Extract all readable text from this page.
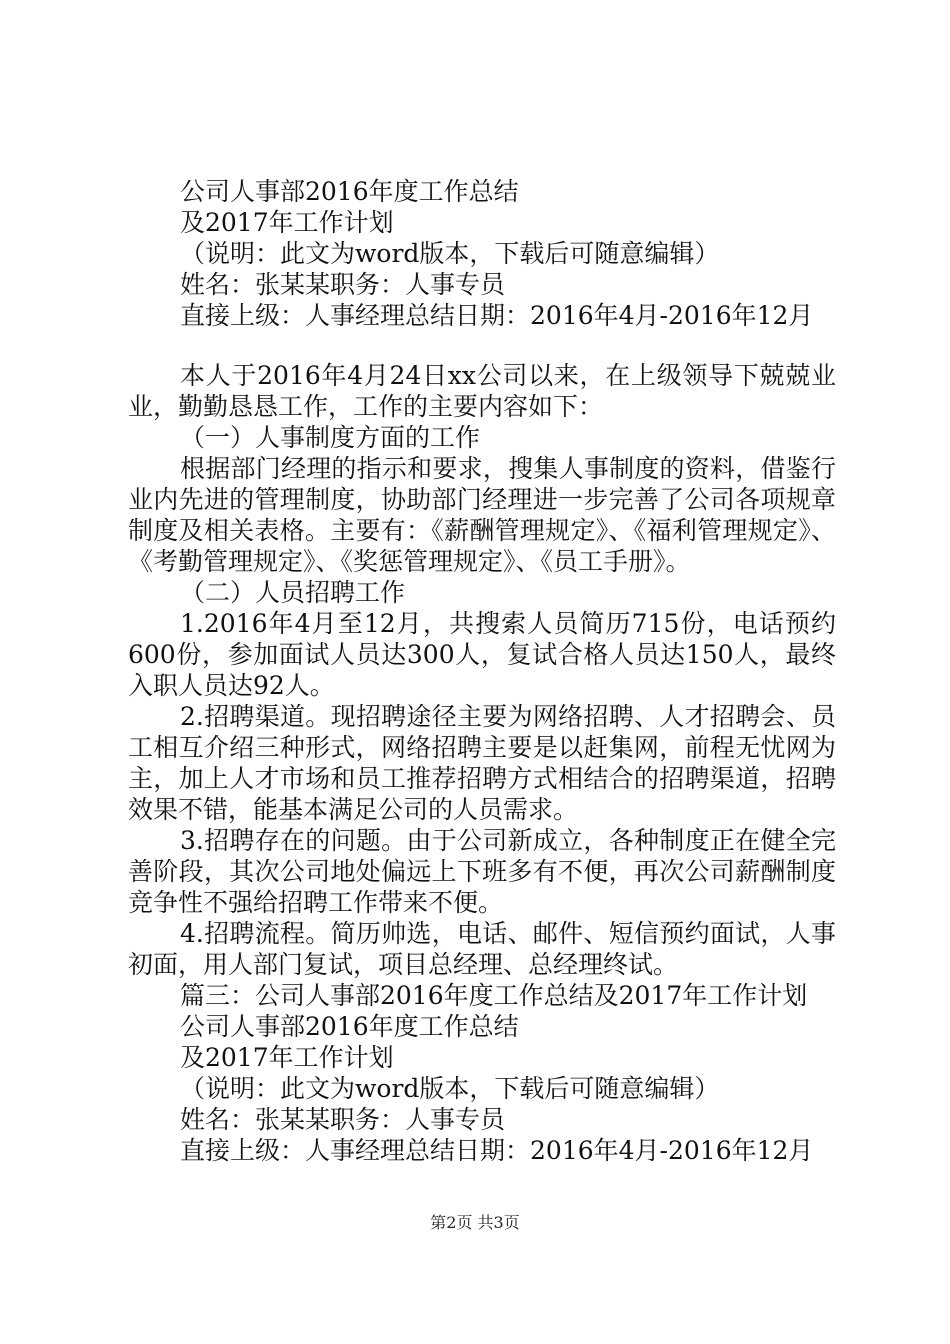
公司人事部2016年度工作总结
及2017年工作计划
（说明：此文为word版本，下载后可随意编辑）
姓名：张某某职务：人事专员
直接上级：人事经理总结日期：2016年4月-2016年12月
本人于2016年4月24日xx公司以来，在上级领导下兢兢业业，勤勤恳恳工作，工作的主要内容如下：
（一）人事制度方面的工作
根据部门经理的指示和要求，搜集人事制度的资料，借鉴行业内先进的管理制度，协助部门经理进一步完善了公司各项规章制度及相关表格。主要有：《薪酬管理规定》、《福利管理规定》、《考勤管理规定》、《奖惩管理规定》、《员工手册》。
（二）人员招聘工作
1.2016年4月至12月，共搜索人员简历715份，电话预约600份，参加面试人员达300人，复试合格人员达150人，最终入职人员达92人。
2.招聘渠道。现招聘途径主要为网络招聘、人才招聘会、员工相互介绍三种形式，网络招聘主要是以赶集网，前程无忧网为主，加上人才市场和员工推荐招聘方式相结合的招聘渠道，招聘效果不错，能基本满足公司的人员需求。
3.招聘存在的问题。由于公司新成立，各种制度正在健全完善阶段，其次公司地处偏远上下班多有不便，再次公司薪酬制度竞争性不强给招聘工作带来不便。
4.招聘流程。简历帅选，电话、邮件、短信预约面试，人事初面，用人部门复试，项目总经理、总经理终试。
篇三：公司人事部2016年度工作总结及2017年工作计划
公司人事部2016年度工作总结
及2017年工作计划
（说明：此文为word版本，下载后可随意编辑）
姓名：张某某职务：人事专员
直接上级：人事经理总结日期：2016年4月-2016年12月
第2页 共3页
